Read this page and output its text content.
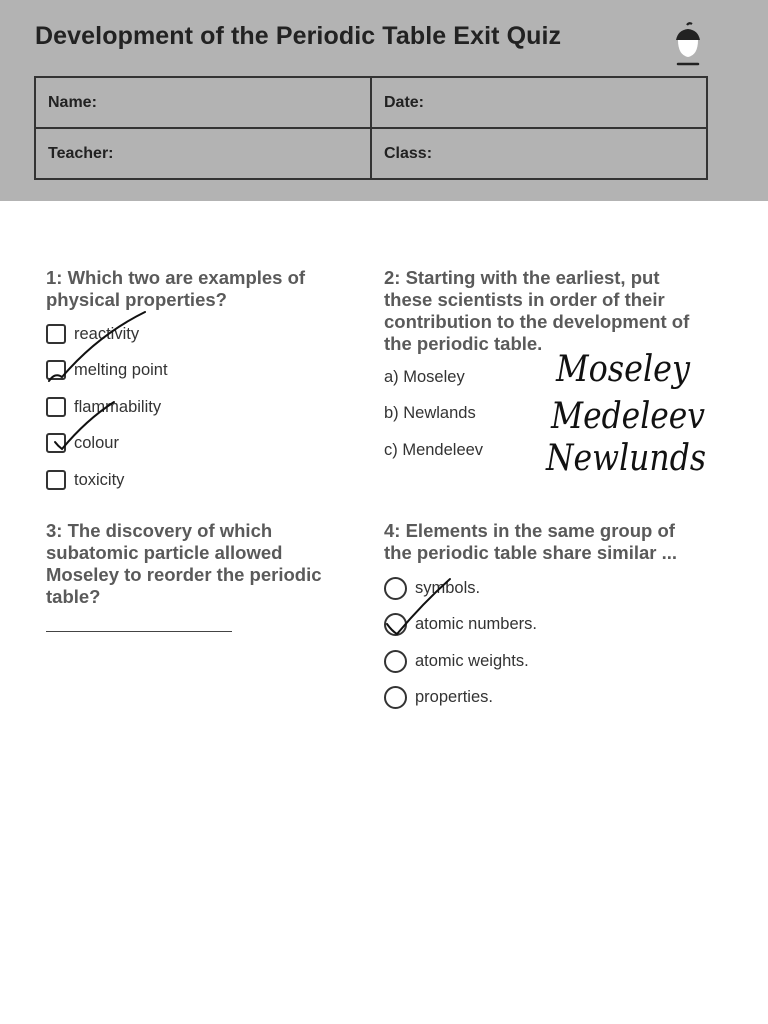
Development of the Periodic Table Exit Quiz
Name:	Date:
Teacher:	Class:

1: Which two are examples of physical properties?

reactivity
melting point
flammability
colour
toxicity

2: Starting with the earliest, put these scientists in order of their contribution to the development of the periodic table.

a) Moseley
b) Newlands
c) Mendeleev

3: The discovery of which subatomic particle allowed Moseley to reorder the periodic table?

4: Elements in the same group of the periodic table share similar ...

symbols.
atomic numbers.
atomic weights.
properties.
Moseley
Medeleev
Newlunds
